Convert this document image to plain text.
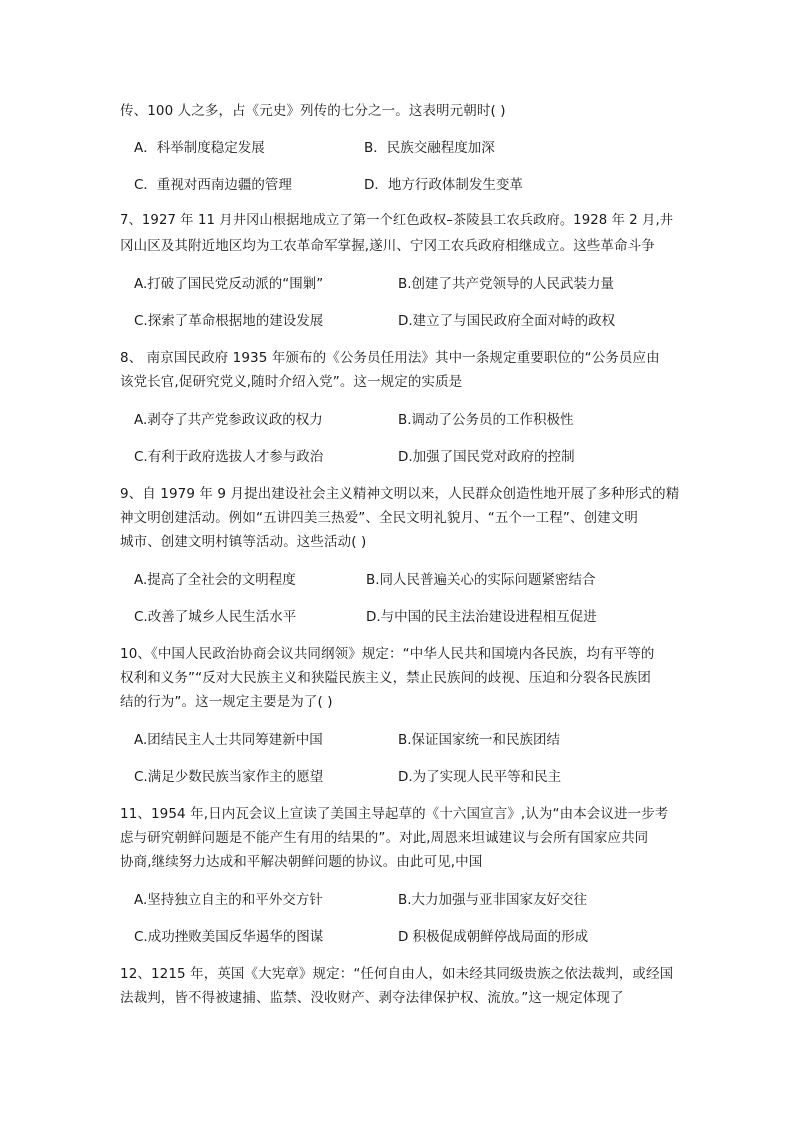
传、100 人之多，占《元史》列传的七分之一。这表明元朝时( )
A．科举制度稳定发展	B．民族交融程度加深
C．重视对西南边疆的管理	D．地方行政体制发生变革
7、1927 年 11 月井冈山根据地成立了第一个红色政权–茶陵县工农兵政府。1928 年 2 月,井
冈山区及其附近地区均为工农革命军掌握,遂川、宁冈工农兵政府相继成立。这些革命斗争
A.打破了国民党反动派的“围剿”	B.创建了共产党领导的人民武装力量
C.探索了革命根据地的建设发展	D.建立了与国民政府全面对峙的政权
8、 南京国民政府 1935 年颁布的《公务员任用法》其中一条规定重要职位的“公务员应由
该党长官,促研究党义,随时介绍入党”。这一规定的实质是
A.剥夺了共产党参政议政的权力	B.调动了公务员的工作积极性
C.有利于政府选拔人才参与政治	D.加强了国民党对政府的控制
9、自 1979 年 9 月提出建设社会主义精神文明以来，人民群众创造性地开展了多种形式的精
神文明创建活动。例如“五讲四美三热爱”、全民文明礼貌月、“五个一工程”、创建文明
城市、创建文明村镇等活动。这些活动( )
A.提高了全社会的文明程度	B.同人民普遍关心的实际问题紧密结合
C.改善了城乡人民生活水平	D.与中国的民主法治建设进程相互促进
10、《中国人民政治协商会议共同纲领》规定：“中华人民共和国境内各民族，均有平等的
权利和义务”“反对大民族主义和狭隘民族主义，禁止民族间的歧视、压迫和分裂各民族团
结的行为”。这一规定主要是为了( )
A.团结民主人士共同筹建新中国	B.保证国家统一和民族团结
C.满足少数民族当家作主的愿望	D.为了实现人民平等和民主
11、1954 年,日内瓦会议上宣读了美国主导起草的《十六国宣言》,认为“由本会议进一步考
虑与研究朝鲜问题是不能产生有用的结果的”。对此,周恩来坦诚建议与会所有国家应共同
协商,继续努力达成和平解决朝鲜问题的协议。由此可见,中国
A.坚持独立自主的和平外交方针	B.大力加强与亚非国家友好交往
C.成功挫败美国反华遏华的图谋	D 积极促成朝鲜停战局面的形成
12、1215 年，英国《大宪章》规定：“任何自由人，如未经其同级贵族之依法裁判，或经国
法裁判，皆不得被逮捕、监禁、没收财产、剥夺法律保护权、流放。”这一规定体现了
